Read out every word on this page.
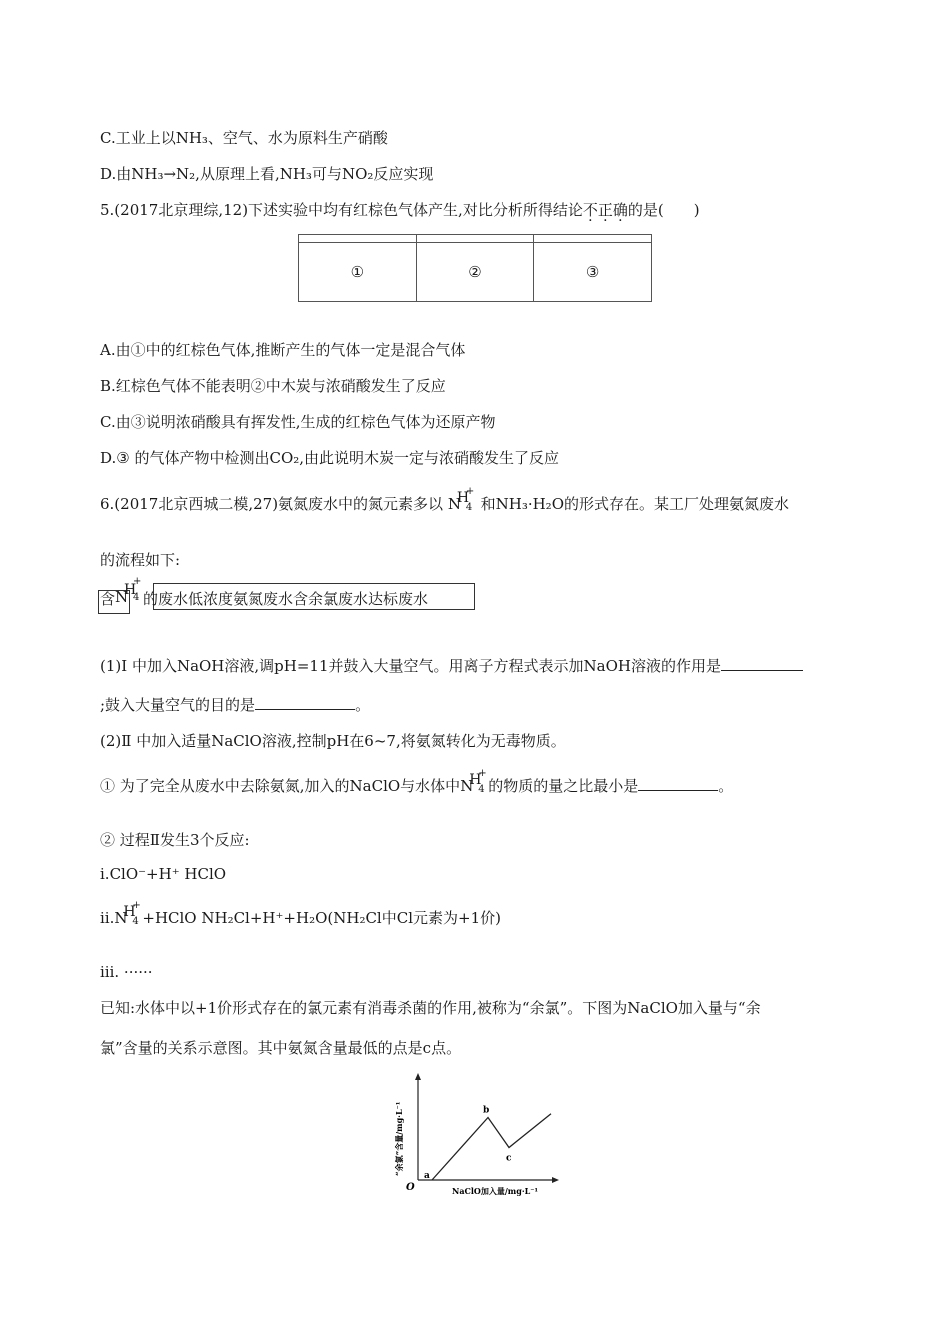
C.工业上以NH₃、空气、水为原料生产硝酸
D.由NH₃→N₂,从原理上看,NH₃可与NO₂反应实现
5.(2017北京理综,12)下述实验中均有红棕色气体产生,对比分析所得结论不正确的是(　　)

①	②	③
A.由①中的红棕色气体,推断产生的气体一定是混合气体
B.红棕色气体不能表明②中木炭与浓硝酸发生了反应
C.由③说明浓硝酸具有挥发性,生成的红棕色气体为还原产物
D.③ 的气体产物中检测出CO₂,由此说明木炭一定与浓硝酸发生了反应
6.(2017北京西城二模,27)氨氮废水中的氮元素多以 N
H
+
4 和NH₃·H₂O的形式存在。某工厂处理氨氮废水
的流程如下:
含 N
H
+
4 的废水低浓度氨氮废水含余氯废水达标废水
(1)Ⅰ 中加入NaOH溶液,调pH=11并鼓入大量空气。用离子方程式表示加NaOH溶液的作用是
;鼓入大量空气的目的是	。
(2)Ⅱ 中加入适量NaClO溶液,控制pH在6~7,将氨氮转化为无毒物质。
① 为了完全从废水中去除氨氮,加入的NaClO与水体中 N
H
+
4 的物质的量之比最小是	。
② 过程Ⅱ发生3个反应:
ⅰ.ClO⁻+H⁺ HClO
ⅱ. N
H
+
4 +HClO NH₂Cl+H⁺+H₂O(NH₂Cl中Cl元素为+1价)
ⅲ. ······
已知:水体中以+1价形式存在的氯元素有消毒杀菌的作用,被称为“余氯”。下图为NaClO加入量与“余
氯”含量的关系示意图。其中氨氮含量最低的点是c点。
O
“余氯”含量/mg·L⁻¹
NaClO加入量/mg·L⁻¹
a
b
c
